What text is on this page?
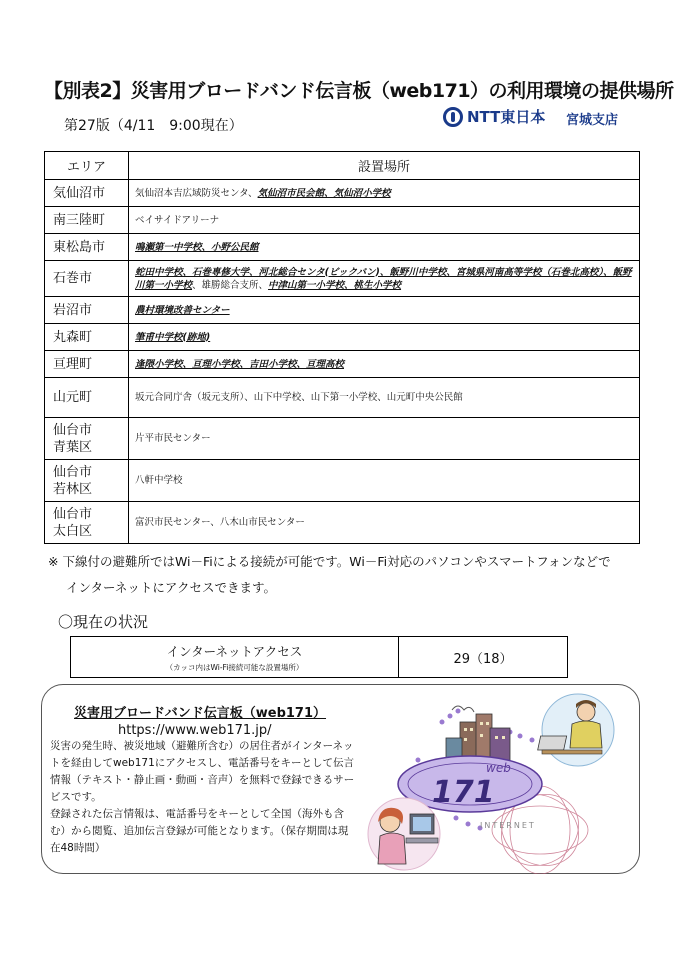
【別表2】災害用ブロードバンド伝言板（web171）の利用環境の提供場所
第27版（4/11　9:00現在）	NTT東日本 宮城支店
エリア	設置場所
気仙沼市	気仙沼本吉広域防災センタ、気仙沼市民会館、気仙沼小学校
南三陸町	ベイサイドアリーナ
東松島市	鳴瀬第一中学校、小野公民館
石巻市	蛇田中学校、石巻専修大学、河北総合センタ(ビックバン)、飯野川中学校、宮城県河南高等学校（石巻北高校）、飯野川第一小学校、雄勝総合支所、中津山第一小学校、桃生小学校
岩沼市	農村環境改善センター
丸森町	筆甫中学校(跡地)
亘理町	逢隈小学校、亘理小学校、吉田小学校、亘理高校
山元町	坂元合同庁舎（坂元支所）、山下中学校、山下第一小学校、山元町中央公民館
仙台市
青葉区	片平市民センター
仙台市
若林区	八軒中学校
仙台市
太白区	富沢市民センター、八木山市民センター
※ 下線付の避難所ではWi－Fiによる接続が可能です。Wi－Fi対応のパソコンやスマートフォンなどで
インターネットにアクセスできます。
〇現在の状況
インターネットアクセス
（カッコ内はWi-Fi接続可能な設置場所）
	29（18）
災害用ブロードバンド伝言板（web171）
https://www.web171.jp/

災害の発生時、被災地域（避難所含む）の居住者がインターネットを経由してweb171にアクセスし、電話番号をキーとして伝言情報（テキスト・静止画・動画・音声）を無料で登録できるサービスです。

登録された伝言情報は、電話番号をキーとして全国（海外も含む）から閲覧、追加伝言登録が可能となります。（保存期間は現在48時間）

web
171
INTERNET
